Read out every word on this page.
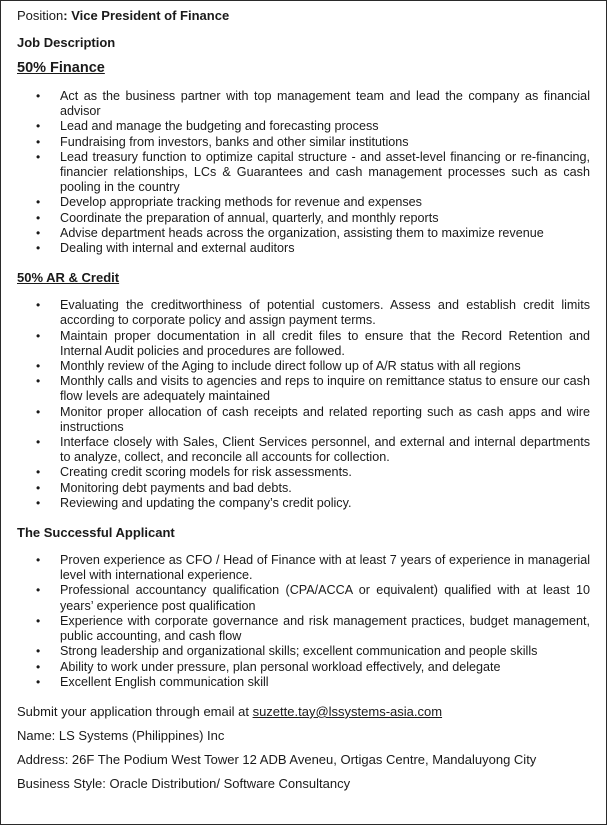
Position: Vice President of Finance

Job Description

50% Finance

• Act as the business partner with top management team and lead the company as financial advisor
• Lead and manage the budgeting and forecasting process
• Fundraising from investors, banks and other similar institutions
• Lead treasury function to optimize capital structure - and asset-level financing or re-financing, financier relationships, LCs & Guarantees and cash management processes such as cash pooling in the country
• Develop appropriate tracking methods for revenue and expenses
• Coordinate the preparation of annual, quarterly, and monthly reports
• Advise department heads across the organization, assisting them to maximize revenue
• Dealing with internal and external auditors

50% AR & Credit

• Evaluating the creditworthiness of potential customers. Assess and establish credit limits according to corporate policy and assign payment terms.
• Maintain proper documentation in all credit files to ensure that the Record Retention and Internal Audit policies and procedures are followed.
• Monthly review of the Aging to include direct follow up of A/R status with all regions
• Monthly calls and visits to agencies and reps to inquire on remittance status to ensure our cash flow levels are adequately maintained
• Monitor proper allocation of cash receipts and related reporting such as cash apps and wire instructions
• Interface closely with Sales, Client Services personnel, and external and internal departments to analyze, collect, and reconcile all accounts for collection.
• Creating credit scoring models for risk assessments.
• Monitoring debt payments and bad debts.
• Reviewing and updating the company’s credit policy.

The Successful Applicant

• Proven experience as CFO / Head of Finance with at least 7 years of experience in managerial level with international experience.
• Professional accountancy qualification (CPA/ACCA or equivalent) qualified with at least 10 years’ experience post qualification
• Experience with corporate governance and risk management practices, budget management, public accounting, and cash flow
• Strong leadership and organizational skills; excellent communication and people skills
• Ability to work under pressure, plan personal workload effectively, and delegate
• Excellent English communication skill

Submit your application through email at suzette.tay@lssystems-asia.com

Name: LS Systems (Philippines) Inc

Address: 26F The Podium West Tower 12 ADB Aveneu, Ortigas Centre, Mandaluyong City

Business Style: Oracle Distribution/ Software Consultancy
